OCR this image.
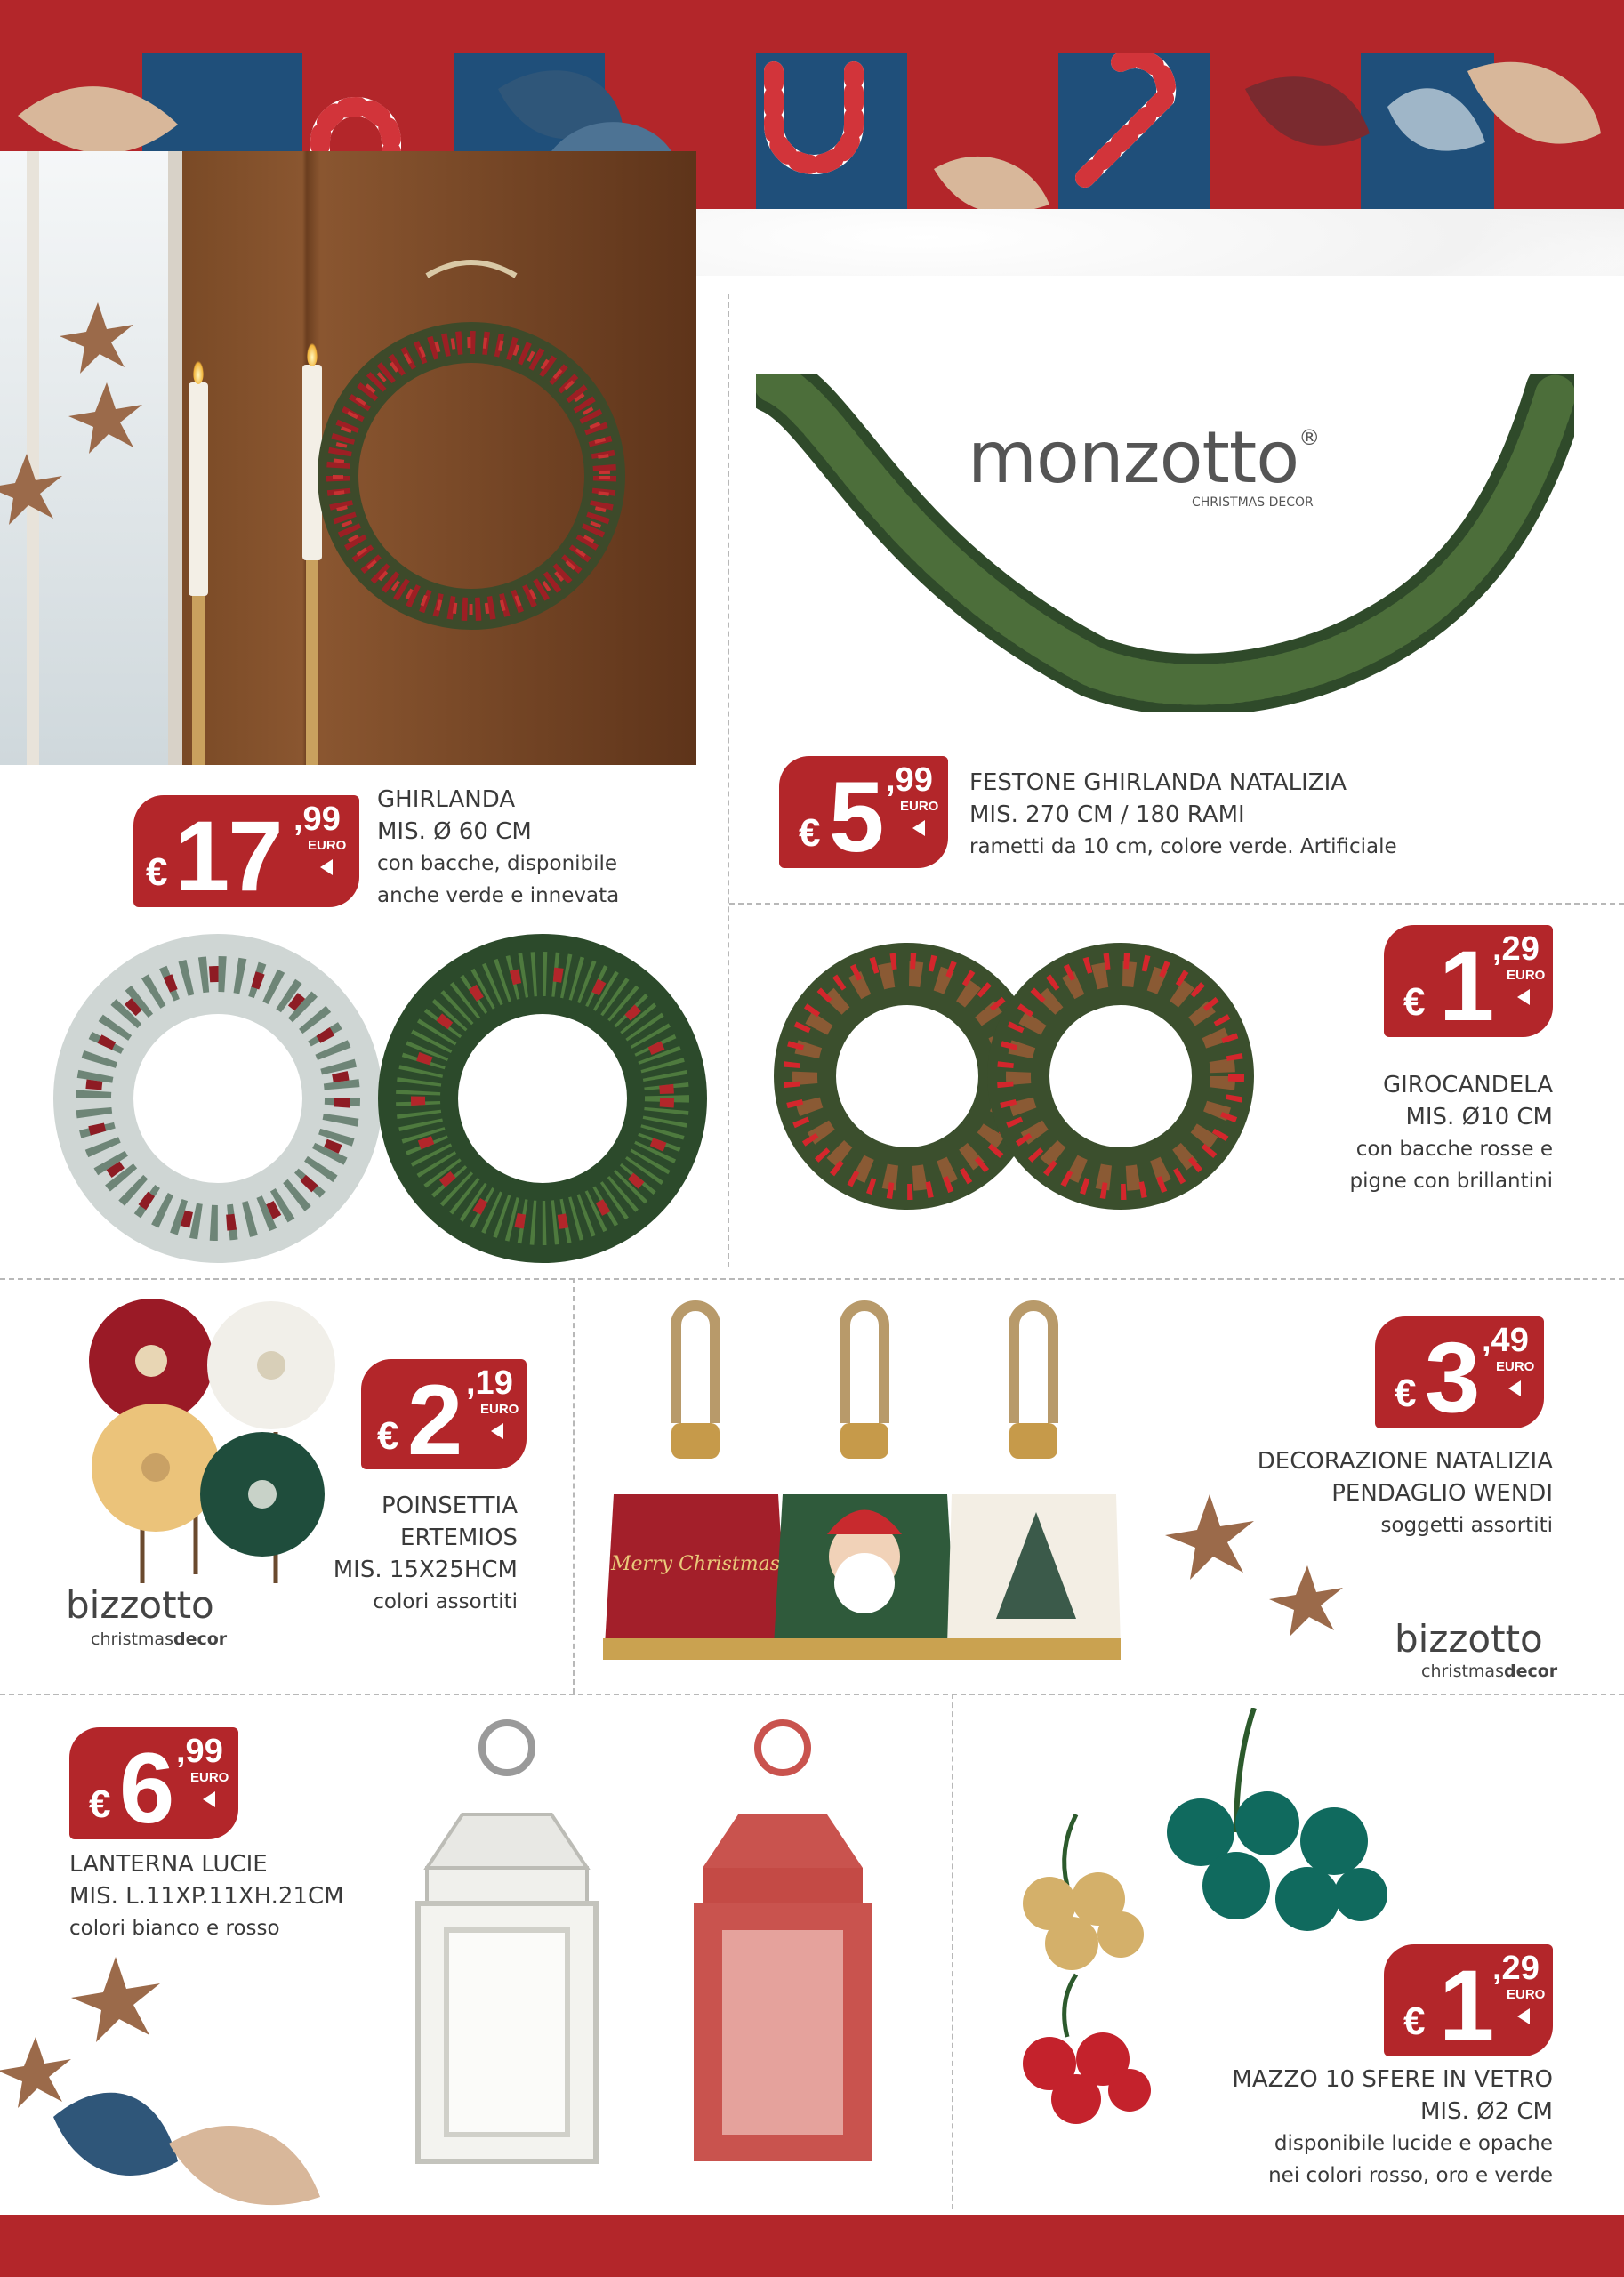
monzotto®
CHRISTMAS DECOR
€ 17 ,99
EURO
GHIRLANDA
MIS. Ø 60 CM
con bacche, disponibile
anche verde e innevata
€ 5 ,99
EURO
FESTONE GHIRLANDA NATALIZIA
MIS. 270 CM / 180 RAMI
rametti da 10 cm, colore verde. Artificiale
€ 1 ,29
EURO
GIROCANDELA
MIS. Ø10 CM
con bacche rosse e
pigne con brillantini
bizzotto
christmasdecor
€ 2 ,19
EURO
POINSETTIA
ERTEMIOS
MIS. 15X25HCM
colori assortiti
Merry Christmas
€ 3 ,49
EURO
DECORAZIONE NATALIZIA
PENDAGLIO WENDI
soggetti assortiti
bizzotto
christmasdecor
€ 6 ,99
EURO
LANTERNA LUCIE
MIS. L.11XP.11XH.21CM
colori bianco e rosso
€ 1 ,29
EURO
MAZZO 10 SFERE IN VETRO
MIS. Ø2 CM
disponibile lucide e opache
nei colori rosso, oro e verde
